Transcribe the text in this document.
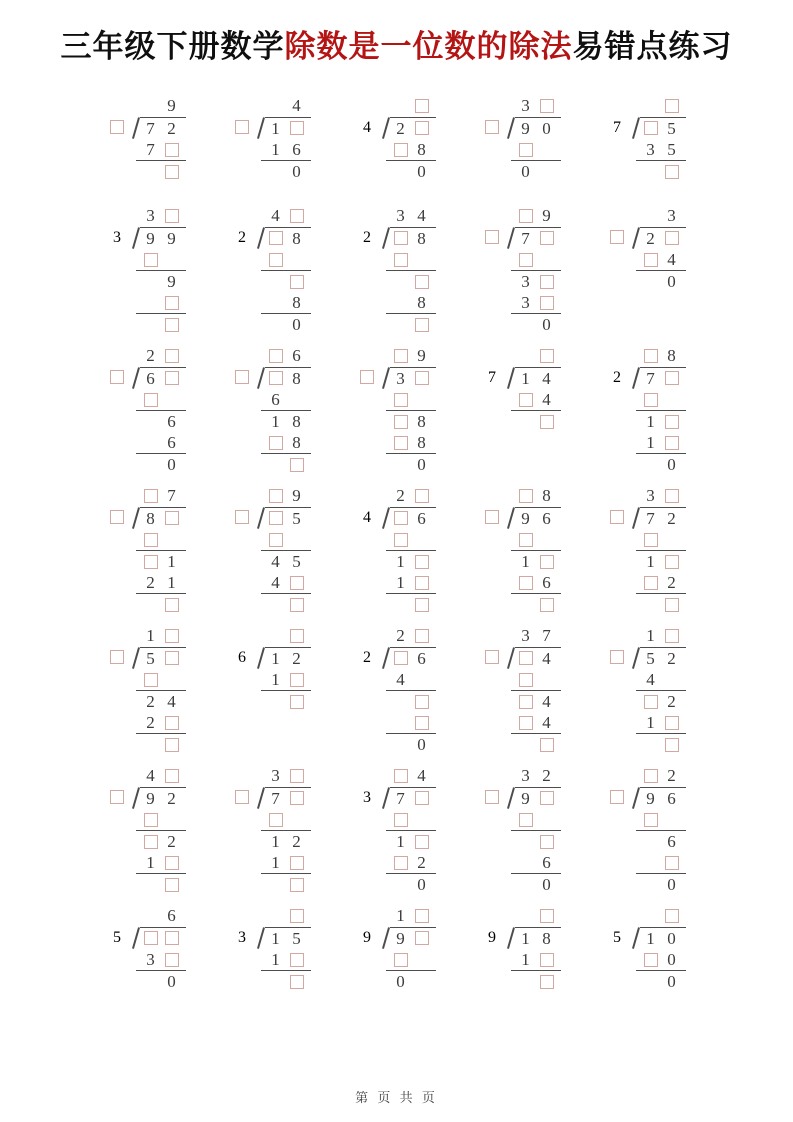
三年级下册数学除数是一位数的除法易错点练习
9
7 2
7
4
1
1 6
0
4	2
8
0
3
9 0
0
7	5
3 5
3
3	9 9
9
4
2	8
8
0
3 4
2	8
8
9
7
3
3
0
3
2
4
0
2
6
6
6
0
6
8
6
1 8
8
9
3
8
8
0
7	1 4
4
8
2	7
1
1
0
7
8
1
2 1
9
5
4 5
4
2
4	6
1
1
8
9 6
1
6
3
7 2
1
2
1
5
2 4
2
6	1 2
1
2
2	6
4
0
3 7
4
4
4
1
5 2
4
2
1
4
9 2
2
1
3
7
1 2
1
4
3	7
1
2
0
3 2
9
6
0
2
9 6
6
0
6
5
3
0
3	1 5
1
1
9	9
0
9	1 8
1
5	1 0
0
0
第 页 共 页
